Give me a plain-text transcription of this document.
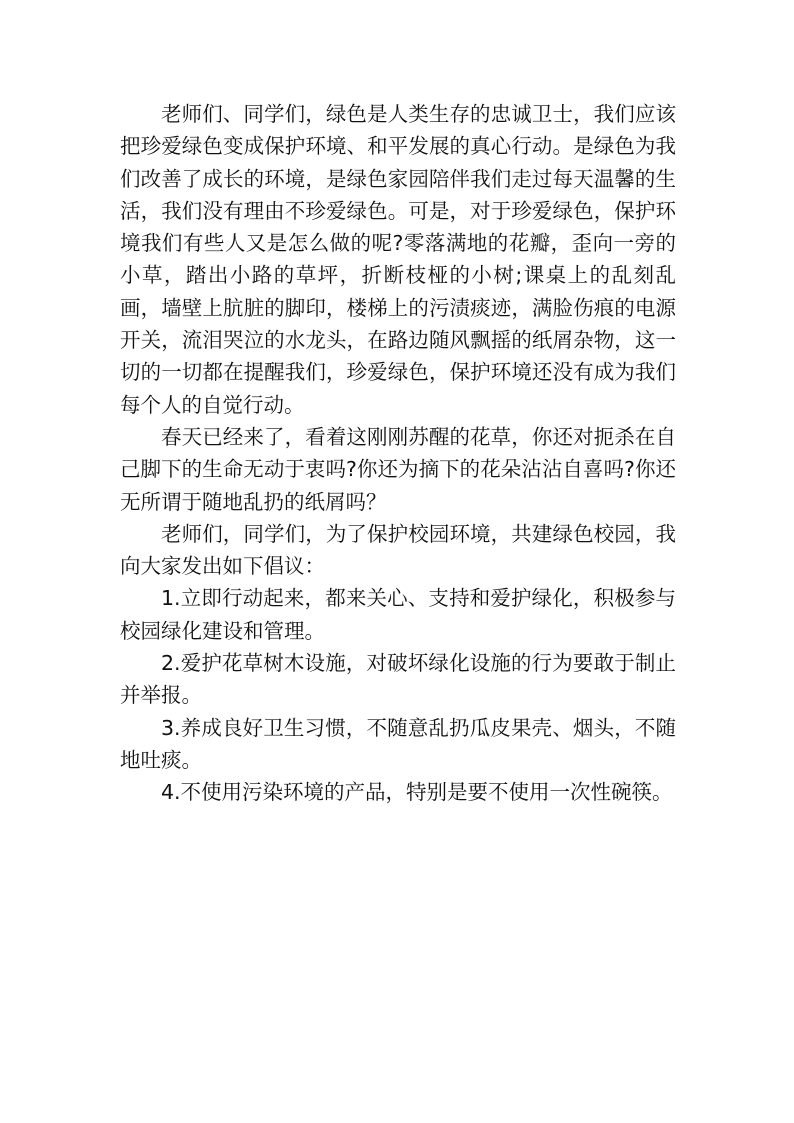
老师们、同学们，绿色是人类生存的忠诚卫士，我们应该把珍爱绿色变成保护环境、和平发展的真心行动。是绿色为我们改善了成长的环境，是绿色家园陪伴我们走过每天温馨的生活，我们没有理由不珍爱绿色。可是，对于珍爱绿色，保护环境我们有些人又是怎么做的呢?零落满地的花瓣，歪向一旁的小草，踏出小路的草坪，折断枝桠的小树;课桌上的乱刻乱画，墙壁上肮脏的脚印，楼梯上的污渍痰迹，满脸伤痕的电源开关，流泪哭泣的水龙头，在路边随风飘摇的纸屑杂物，这一切的一切都在提醒我们，珍爱绿色，保护环境还没有成为我们每个人的自觉行动。

春天已经来了，看着这刚刚苏醒的花草，你还对扼杀在自己脚下的生命无动于衷吗?你还为摘下的花朵沾沾自喜吗?你还无所谓于随地乱扔的纸屑吗？

老师们，同学们，为了保护校园环境，共建绿色校园，我向大家发出如下倡议：

1.立即行动起来，都来关心、支持和爱护绿化，积极参与校园绿化建设和管理。

2.爱护花草树木设施，对破坏绿化设施的行为要敢于制止并举报。

3.养成良好卫生习惯，不随意乱扔瓜皮果壳、烟头，不随地吐痰。

4.不使用污染环境的产品，特别是要不使用一次性碗筷。
